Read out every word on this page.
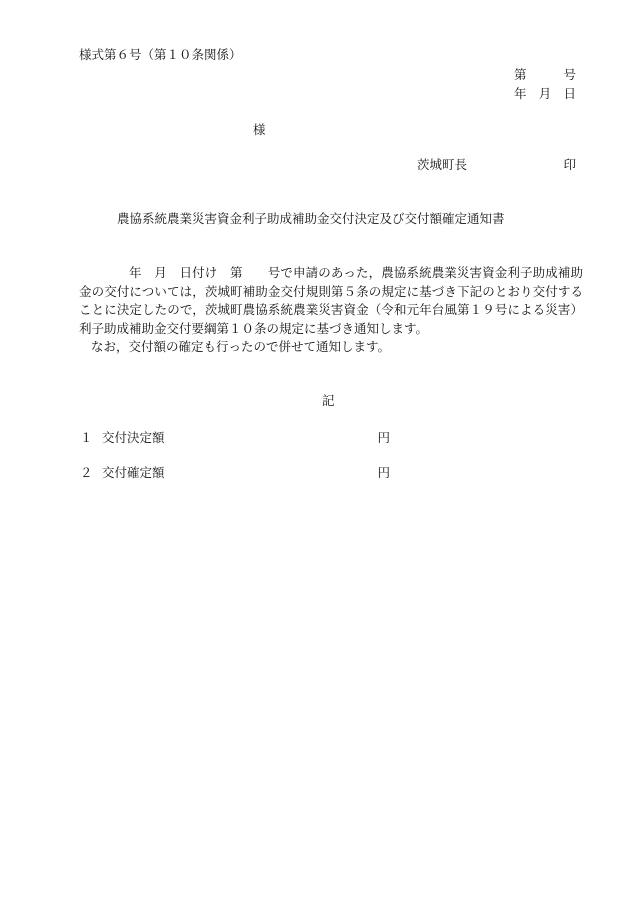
様式第６号（第１０条関係）
第	号
年 月 日
様
茨城町長	印
農協系統農業災害資金利子助成補助金交付決定及び交付額確定通知書

年　月　日付け　第　　号で申請のあった，農協系統農業災害資金利子助成補助金の交付については，茨城町補助金交付規則第５条の規定に基づき下記のとおり交付することに決定したので，茨城町農協系統農業災害資金（令和元年台風第１９号による災害）利子助成補助金交付要綱第１０条の規定に基づき通知します。

なお，交付額の確定も行ったので併せて通知します。

記
１ 交付決定額	円
２ 交付確定額	円
